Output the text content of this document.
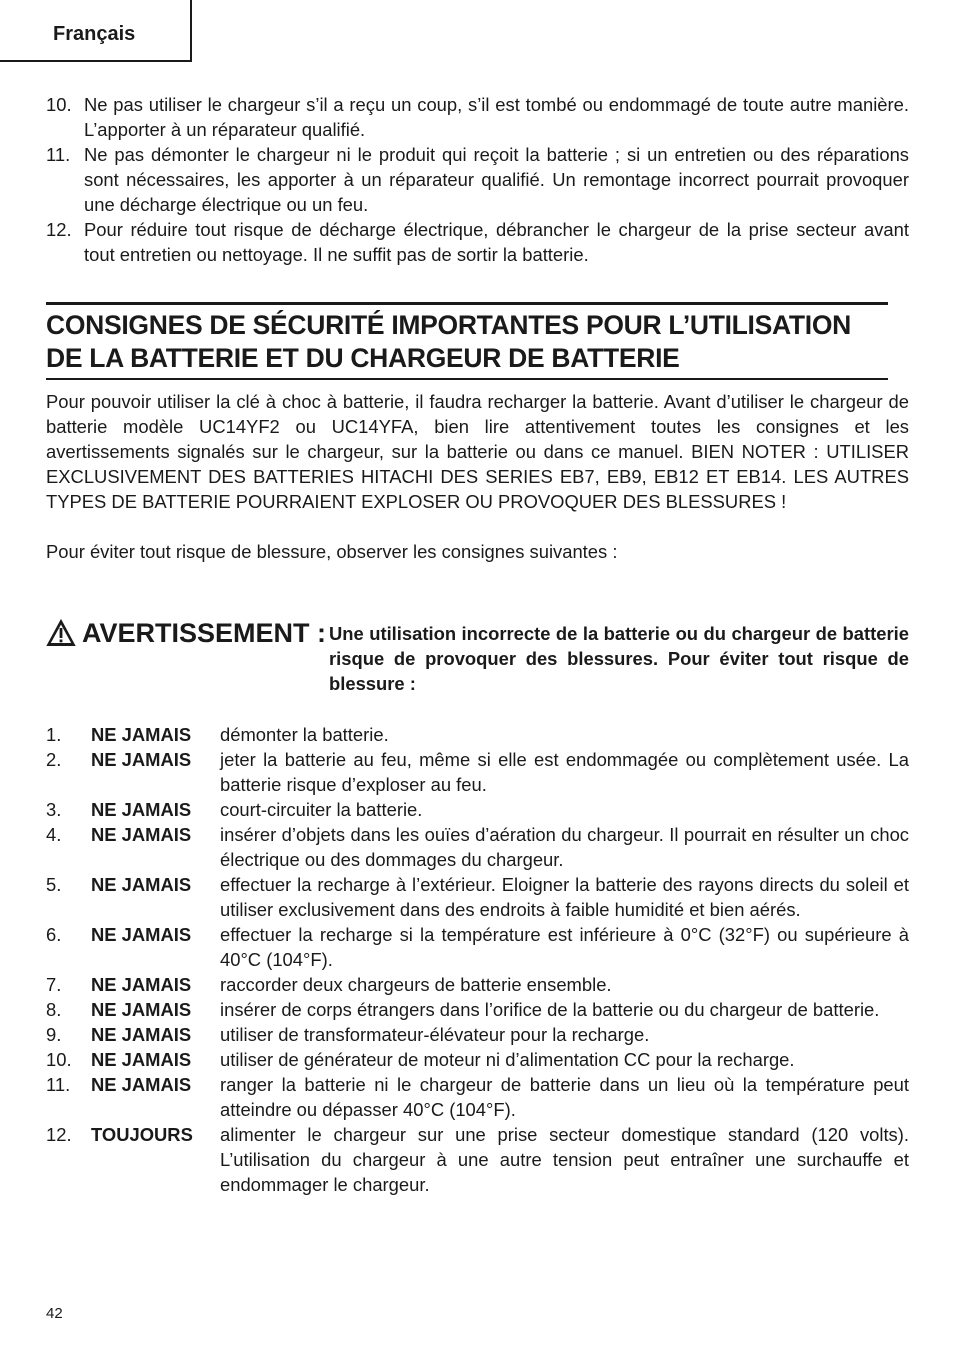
Français
10. Ne pas utiliser le chargeur s’il a reçu un coup, s’il est tombé ou endommagé de toute autre manière. L’apporter à un réparateur qualifié.
11. Ne pas démonter le chargeur ni le produit qui reçoit la batterie ; si un entretien ou des réparations sont nécessaires, les apporter à un réparateur qualifié. Un remontage incorrect pourrait provoquer une décharge électrique ou un feu.
12. Pour réduire tout risque de décharge électrique, débrancher le chargeur de la prise secteur avant tout entretien ou nettoyage. Il ne suffit pas de sortir la batterie.
CONSIGNES DE SÉCURITÉ IMPORTANTES POUR L’UTILISATION
DE LA BATTERIE ET DU CHARGEUR DE BATTERIE

Pour pouvoir utiliser la clé à choc à batterie, il faudra recharger la batterie. Avant d’utiliser le chargeur de batterie modèle UC14YF2 ou UC14YFA, bien lire attentivement toutes les consignes et les avertissements signalés sur le chargeur, sur la batterie ou dans ce manuel. BIEN NOTER : UTILISER EXCLUSIVEMENT DES BATTERIES HITACHI DES SERIES EB7, EB9, EB12 ET EB14. LES AUTRES TYPES DE BATTERIE POURRAIENT EXPLOSER OU PROVOQUER DES BLESSURES !

Pour éviter tout risque de blessure, observer les consignes suivantes :

AVERTISSEMENT : Une utilisation incorrecte de la batterie ou du chargeur de batterie risque de provoquer des blessures. Pour éviter tout risque de blessure :
1.	NE JAMAIS	démonter la batterie.
2.	NE JAMAIS	jeter la batterie au feu, même si elle est endommagée ou complètement usée. La batterie risque d’exploser au feu.
3.	NE JAMAIS	court-circuiter la batterie.
4.	NE JAMAIS	insérer d’objets dans les ouïes d’aération du chargeur. Il pourrait en résulter un choc électrique ou des dommages du chargeur.
5.	NE JAMAIS	effectuer la recharge à l’extérieur. Eloigner la batterie des rayons directs du soleil et utiliser exclusivement dans des endroits à faible humidité et bien aérés.
6.	NE JAMAIS	effectuer la recharge si la température est inférieure à 0°C (32°F) ou supérieure à 40°C (104°F).
7.	NE JAMAIS	raccorder deux chargeurs de batterie ensemble.
8.	NE JAMAIS	insérer de corps étrangers dans l’orifice de la batterie ou du chargeur de batterie.
9.	NE JAMAIS	utiliser de transformateur-élévateur pour la recharge.
10.	NE JAMAIS	utiliser de générateur de moteur ni d’alimentation CC pour la recharge.
11.	NE JAMAIS	ranger la batterie ni le chargeur de batterie dans un lieu où la température peut atteindre ou dépasser 40°C (104°F).
12.	TOUJOURS	alimenter le chargeur sur une prise secteur domestique standard (120 volts). L’utilisation du chargeur à une autre tension peut entraîner une surchauffe et endommager le chargeur.
42
